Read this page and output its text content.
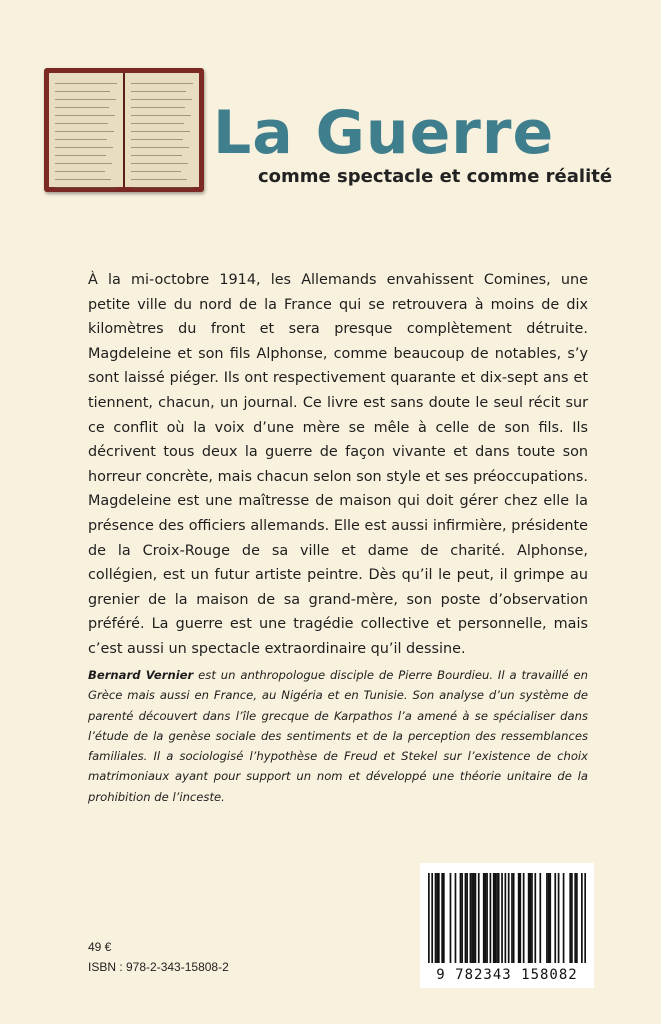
La Guerre
comme spectacle et comme réalité

À la mi-octobre 1914, les Allemands envahissent Comines, une petite ville du nord de la France qui se retrouvera à moins de dix kilomètres du front et sera presque complètement détruite. Magdeleine et son fils Alphonse, comme beaucoup de notables, s’y sont laissé piéger. Ils ont respectivement quarante et dix-sept ans et tiennent, chacun, un journal. Ce livre est sans doute le seul récit sur ce conflit où la voix d’une mère se mêle à celle de son fils. Ils décrivent tous deux la guerre de façon vivante et dans toute son horreur concrète, mais chacun selon son style et ses préoccupations. Magdeleine est une maîtresse de maison qui doit gérer chez elle la présence des officiers allemands. Elle est aussi infirmière, présidente de la Croix-Rouge de sa ville et dame de charité. Alphonse, collégien, est un futur artiste peintre. Dès qu’il le peut, il grimpe au grenier de la maison de sa grand-mère, son poste d’observation préféré. La guerre est une tragédie collective et personnelle, mais c’est aussi un spectacle extraordinaire qu’il dessine.

Bernard Vernier est un anthropologue disciple de Pierre Bourdieu. Il a travaillé en Grèce mais aussi en France, au Nigéria et en Tunisie. Son analyse d’un système de parenté découvert dans l’île grecque de Karpathos l’a amené à se spécialiser dans l’étude de la genèse sociale des sentiments et de la perception des ressemblances familiales. Il a sociologisé l’hypothèse de Freud et Stekel sur l’existence de choix matrimoniaux ayant pour support un nom et développé une théorie unitaire de la prohibition de l’inceste.

49 €
ISBN : 978-2-343-15808-2	9 782343 158082
